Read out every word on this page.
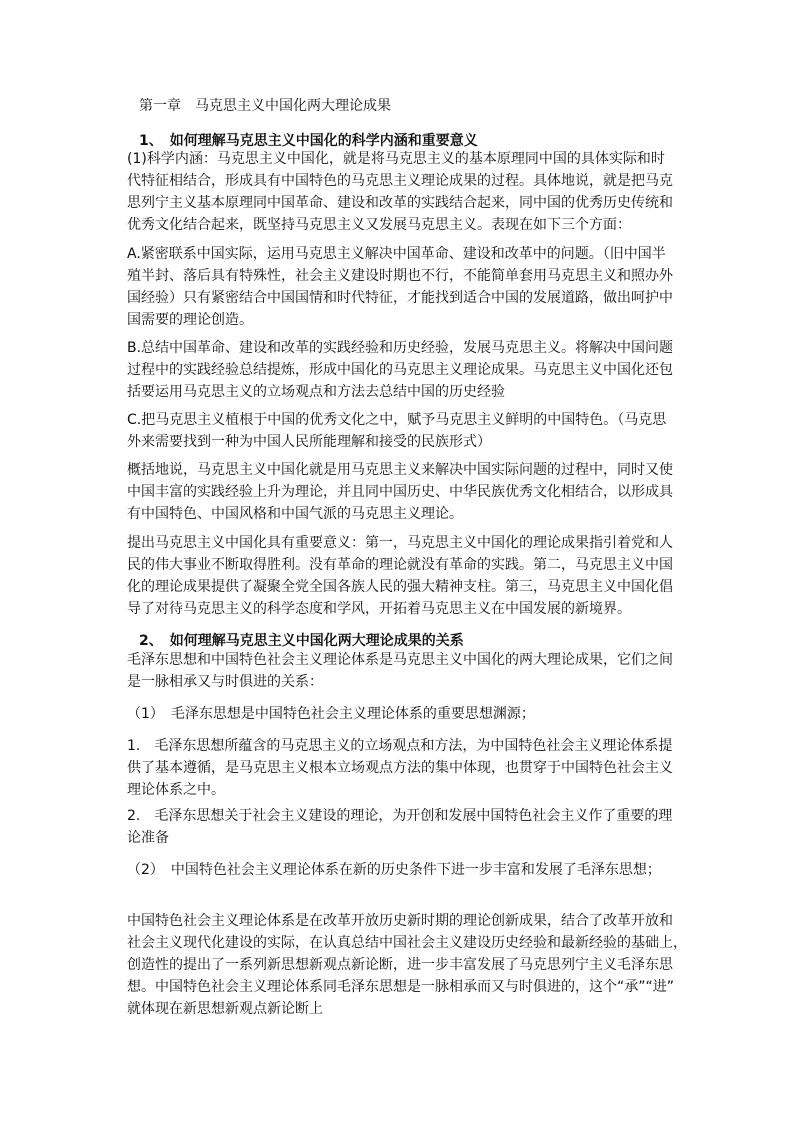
第一章　马克思主义中国化两大理论成果
1、　如何理解马克思主义中国化的科学内涵和重要意义
(1)科学内涵：马克思主义中国化，就是将马克思主义的基本原理同中国的具体实际和时
代特征相结合，形成具有中国特色的马克思主义理论成果的过程。具体地说，就是把马克
思列宁主义基本原理同中国革命、建设和改革的实践结合起来，同中国的优秀历史传统和
优秀文化结合起来，既坚持马克思主义又发展马克思主义。表现在如下三个方面：
A.紧密联系中国实际，运用马克思主义解决中国革命、建设和改革中的问题。（旧中国半
殖半封、落后具有特殊性，社会主义建设时期也不行，不能简单套用马克思主义和照办外
国经验）只有紧密结合中国国情和时代特征，才能找到适合中国的发展道路，做出呵护中
国需要的理论创造。
B.总结中国革命、建设和改革的实践经验和历史经验，发展马克思主义。将解决中国问题
过程中的实践经验总结提炼，形成中国化的马克思主义理论成果。马克思主义中国化还包
括要运用马克思主义的立场观点和方法去总结中国的历史经验
C.把马克思主义植根于中国的优秀文化之中，赋予马克思主义鲜明的中国特色。（马克思
外来需要找到一种为中国人民所能理解和接受的民族形式）
概括地说，马克思主义中国化就是用马克思主义来解决中国实际问题的过程中，同时又使
中国丰富的实践经验上升为理论，并且同中国历史、中华民族优秀文化相结合，以形成具
有中国特色、中国风格和中国气派的马克思主义理论。
提出马克思主义中国化具有重要意义：第一，马克思主义中国化的理论成果指引着党和人
民的伟大事业不断取得胜利。没有革命的理论就没有革命的实践。第二，马克思主义中国
化的理论成果提供了凝聚全党全国各族人民的强大精神支柱。第三，马克思主义中国化倡
导了对待马克思主义的科学态度和学风，开拓着马克思主义在中国发展的新境界。
2、　如何理解马克思主义中国化两大理论成果的关系
毛泽东思想和中国特色社会主义理论体系是马克思主义中国化的两大理论成果，它们之间
是一脉相承又与时俱进的关系：
（1）　毛泽东思想是中国特色社会主义理论体系的重要思想渊源；
1.　毛泽东思想所蕴含的马克思主义的立场观点和方法，为中国特色社会主义理论体系提
供了基本遵循，是马克思主义根本立场观点方法的集中体现，也贯穿于中国特色社会主义
理论体系之中。
2.　毛泽东思想关于社会主义建设的理论，为开创和发展中国特色社会主义作了重要的理
论准备
（2）　中国特色社会主义理论体系在新的历史条件下进一步丰富和发展了毛泽东思想；
中国特色社会主义理论体系是在改革开放历史新时期的理论创新成果，结合了改革开放和
社会主义现代化建设的实际，在认真总结中国社会主义建设历史经验和最新经验的基础上，
创造性的提出了一系列新思想新观点新论断，进一步丰富发展了马克思列宁主义毛泽东思
想。中国特色社会主义理论体系同毛泽东思想是一脉相承而又与时俱进的，这个“承”“进”
就体现在新思想新观点新论断上
